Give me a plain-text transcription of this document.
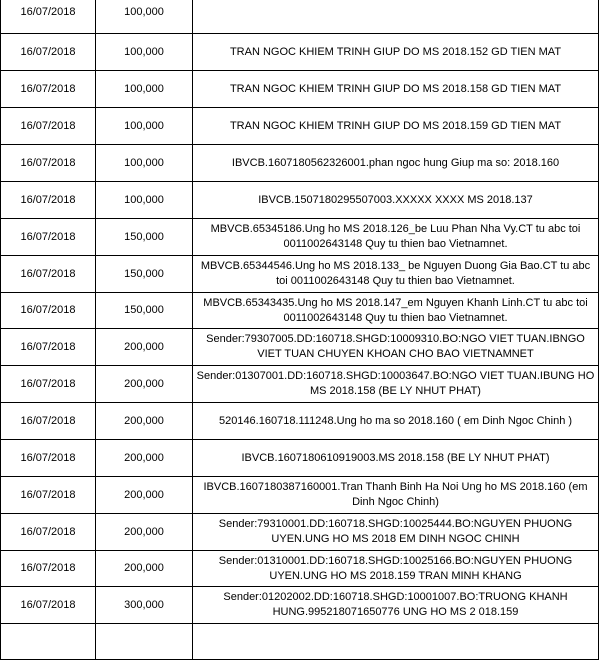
16/07/2018	100,000	
16/07/2018	100,000	TRAN NGOC KHIEM TRINH GIUP DO MS 2018.152 GD TIEN MAT
16/07/2018	100,000	TRAN NGOC KHIEM TRINH GIUP DO MS 2018.158 GD TIEN MAT
16/07/2018	100,000	TRAN NGOC KHIEM TRINH GIUP DO MS 2018.159 GD TIEN MAT
16/07/2018	100,000	IBVCB.1607180562326001.phan ngoc hung Giup ma so: 2018.160
16/07/2018	100,000	IBVCB.1507180295507003.XXXXX XXXX MS 2018.137
16/07/2018	150,000	MBVCB.65345186.Ung ho MS 2018.126_be Luu Phan Nha Vy.CT tu abc toi 0011002643148 Quy tu thien bao Vietnamnet.
16/07/2018	150,000	MBVCB.65344546.Ung ho MS 2018.133_ be Nguyen Duong Gia Bao.CT tu abc toi 0011002643148 Quy tu thien bao Vietnamnet.
16/07/2018	150,000	MBVCB.65343435.Ung ho MS 2018.147_em Nguyen Khanh Linh.CT tu abc toi 0011002643148 Quy tu thien bao Vietnamnet.
16/07/2018	200,000	Sender:79307005.DD:160718.SHGD:10009310.BO:NGO VIET TUAN.IBNGO VIET TUAN CHUYEN KHOAN CHO BAO VIETNAMNET
16/07/2018	200,000	Sender:01307001.DD:160718.SHGD:10003647.BO:NGO VIET TUAN.IBUNG HO MS 2018.158 (BE LY NHUT PHAT)
16/07/2018	200,000	520146.160718.111248.Ung ho ma so 2018.160 ( em Dinh Ngoc Chinh )
16/07/2018	200,000	IBVCB.1607180610919003.MS 2018.158 (BE LY NHUT PHAT)
16/07/2018	200,000	IBVCB.1607180387160001.Tran Thanh Binh Ha Noi Ung ho MS 2018.160 (em Dinh Ngoc Chinh)
16/07/2018	200,000	Sender:79310001.DD:160718.SHGD:10025444.BO:NGUYEN PHUONG UYEN.UNG HO MS 2018 EM DINH NGOC CHINH
16/07/2018	200,000	Sender:01310001.DD:160718.SHGD:10025166.BO:NGUYEN PHUONG UYEN.UNG HO MS 2018.159 TRAN MINH KHANG
16/07/2018	300,000	Sender:01202002.DD:160718.SHGD:10001007.BO:TRUONG KHANH HUNG.995218071650776 UNG HO MS 2 018.159
